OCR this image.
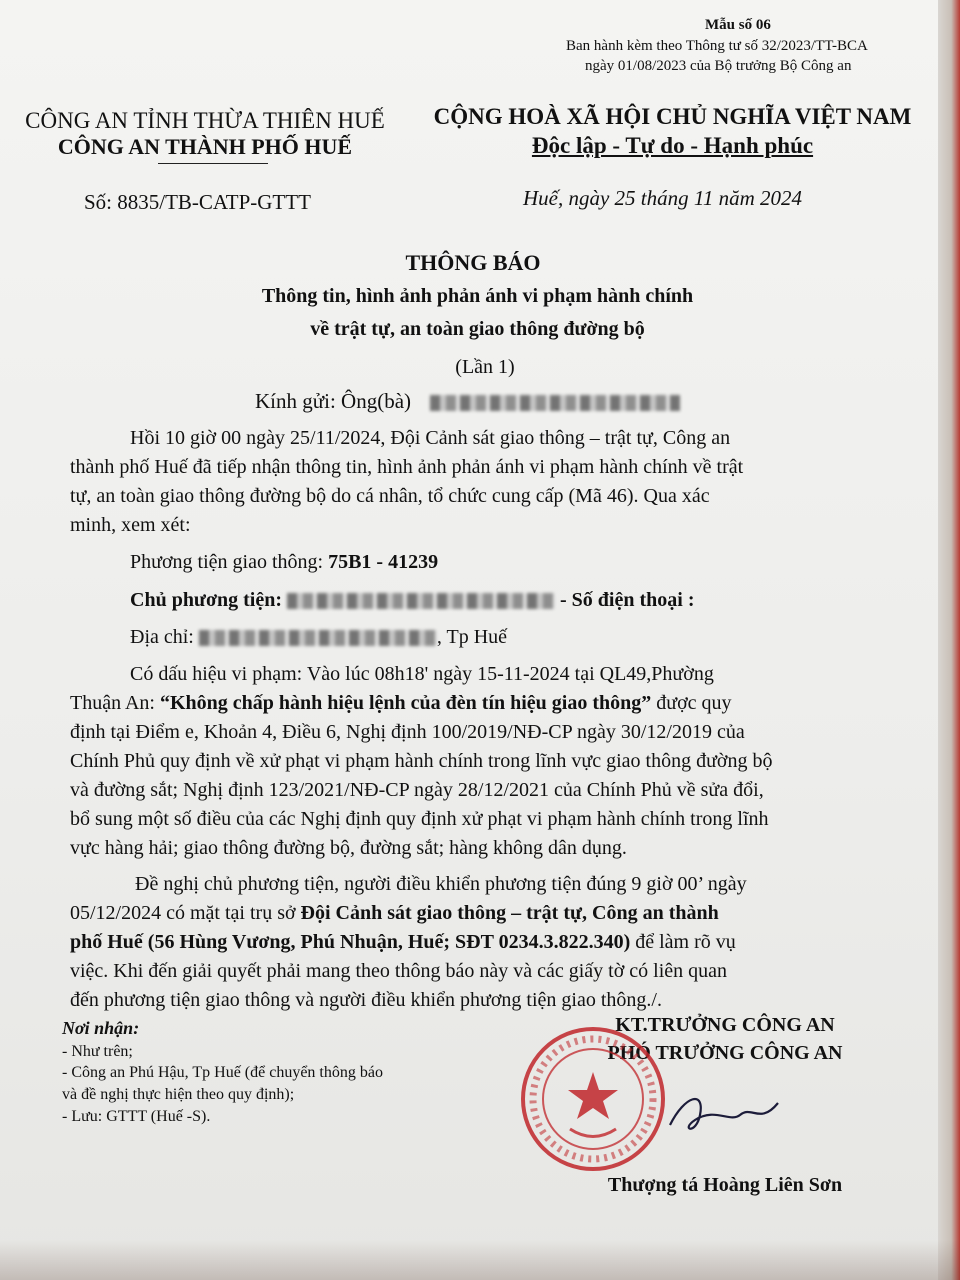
Mẫu số 06
Ban hành kèm theo Thông tư số 32/2023/TT-BCA
ngày 01/08/2023 của Bộ trưởng Bộ Công an
CÔNG AN TỈNH THỪA THIÊN HUẾ
CÔNG AN THÀNH PHỐ HUẾ
Số: 8835/TB-CATP-GTTT
CỘNG HOÀ XÃ HỘI CHỦ NGHĨA VIỆT NAM
Độc lập - Tự do - Hạnh phúc
Huế, ngày 25 tháng 11 năm 2024
THÔNG BÁO
Thông tin, hình ảnh phản ánh vi phạm hành chính
về trật tự, an toàn giao thông đường bộ
(Lần 1)
Kính gửi: Ông(bà)
Hồi 10 giờ 00 ngày 25/11/2024, Đội Cảnh sát giao thông – trật tự, Công an
thành phố Huế đã tiếp nhận thông tin, hình ảnh phản ánh vi phạm hành chính về trật
tự, an toàn giao thông đường bộ do cá nhân, tổ chức cung cấp (Mã 46). Qua xác
minh, xem xét:
Phương tiện giao thông: 75B1 - 41239
Chủ phương tiện:	- Số điện thoại :
Địa chỉ:	, Tp Huế
Có dấu hiệu vi phạm: Vào lúc 08h18' ngày 15-11-2024 tại QL49,Phường
Thuận An: “Không chấp hành hiệu lệnh của đèn tín hiệu giao thông” được quy
định tại Điểm e, Khoản 4, Điều 6, Nghị định 100/2019/NĐ-CP ngày 30/12/2019 của
Chính Phủ quy định về xử phạt vi phạm hành chính trong lĩnh vực giao thông đường bộ
và đường sắt; Nghị định 123/2021/NĐ-CP ngày 28/12/2021 của Chính Phủ về sửa đổi,
bổ sung một số điều của các Nghị định quy định xử phạt vi phạm hành chính trong lĩnh
vực hàng hải; giao thông đường bộ, đường sắt; hàng không dân dụng.
Đề nghị chủ phương tiện, người điều khiển phương tiện đúng 9 giờ 00’ ngày
05/12/2024 có mặt tại trụ sở Đội Cảnh sát giao thông – trật tự, Công an thành
phố Huế (56 Hùng Vương, Phú Nhuận, Huế; SĐT 0234.3.822.340) để làm rõ vụ
việc. Khi đến giải quyết phải mang theo thông báo này và các giấy tờ có liên quan
đến phương tiện giao thông và người điều khiển phương tiện giao thông./.
Nơi nhận:
- Như trên;
- Công an Phú Hậu, Tp Huế (để chuyển thông báo
và đề nghị thực hiện theo quy định);
- Lưu: GTTT (Huế -S).
KT.TRƯỞNG CÔNG AN
PHÓ TRƯỞNG CÔNG AN
Thượng tá Hoàng Liên Sơn
